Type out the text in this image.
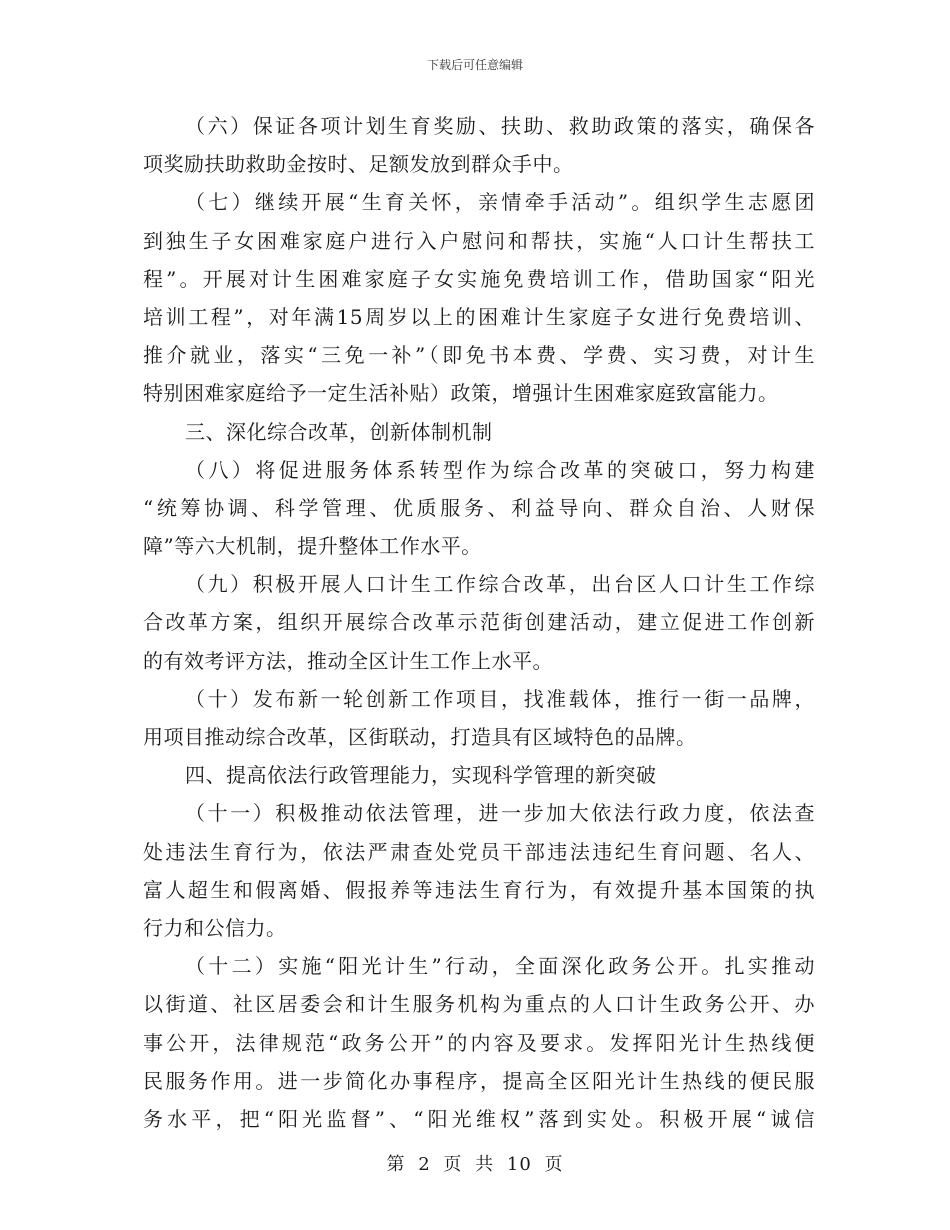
下载后可任意编辑
（六）保证各项计划生育奖励、扶助、救助政策的落实，确保各
项奖励扶助救助金按时、足额发放到群众手中。
（七）继续开展“生育关怀，亲情牵手活动”。组织学生志愿团
到独生子女困难家庭户进行入户慰问和帮扶，实施“人口计生帮扶工
程”。开展对计生困难家庭子女实施免费培训工作，借助国家“阳光
培训工程”，对年满15周岁以上的困难计生家庭子女进行免费培训、
推介就业，落实“三免一补”（即免书本费、学费、实习费，对计生
特别困难家庭给予一定生活补贴）政策，增强计生困难家庭致富能力。
三、深化综合改革，创新体制机制
（八）将促进服务体系转型作为综合改革的突破口，努力构建
“统筹协调、科学管理、优质服务、利益导向、群众自治、人财保
障”等六大机制，提升整体工作水平。
（九）积极开展人口计生工作综合改革，出台区人口计生工作综
合改革方案，组织开展综合改革示范街创建活动，建立促进工作创新
的有效考评方法，推动全区计生工作上水平。
（十）发布新一轮创新工作项目，找准载体，推行一街一品牌，
用项目推动综合改革，区街联动，打造具有区域特色的品牌。
四、提高依法行政管理能力，实现科学管理的新突破
（十一）积极推动依法管理，进一步加大依法行政力度，依法查
处违法生育行为，依法严肃查处党员干部违法违纪生育问题、名人、
富人超生和假离婚、假报养等违法生育行为，有效提升基本国策的执
行力和公信力。
（十二）实施“阳光计生”行动，全面深化政务公开。扎实推动
以街道、社区居委会和计生服务机构为重点的人口计生政务公开、办
事公开，法律规范“政务公开”的内容及要求。发挥阳光计生热线便
民服务作用。进一步简化办事程序，提高全区阳光计生热线的便民服
务水平，把“阳光监督”、“阳光维权”落到实处。积极开展“诚信
第 2 页 共 10 页
